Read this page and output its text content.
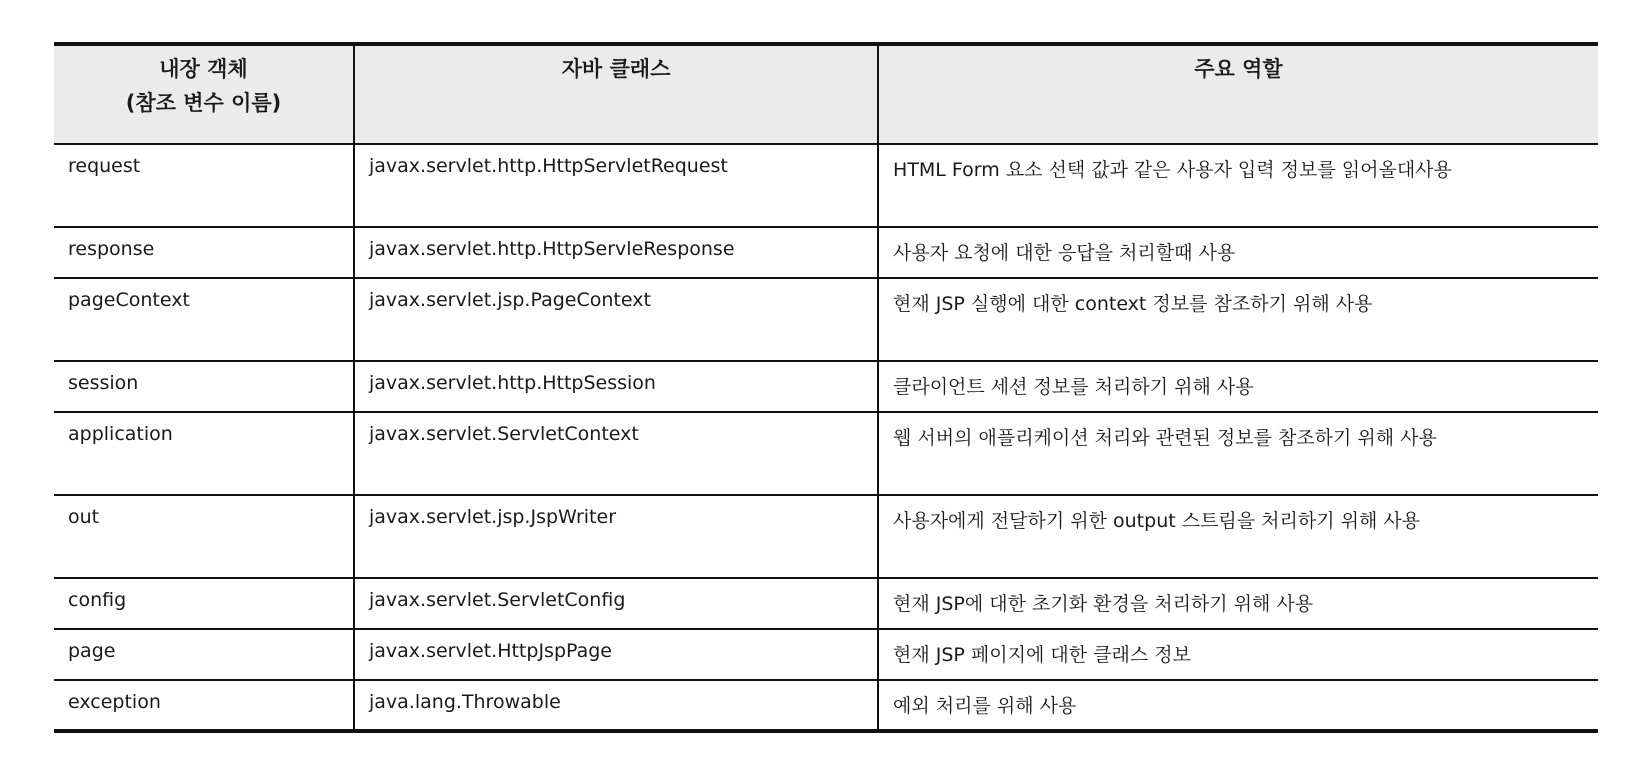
내장 객체
(참조 변수 이름)	자바 클래스	주요 역할
request	javax.servlet.http.HttpServletRequest	HTML Form 요소 선택 값과 같은 사용자 입력 정보를 읽어올대사용
response	javax.servlet.http.HttpServleResponse	사용자 요청에 대한 응답을 처리할때 사용
pageContext	javax.servlet.jsp.PageContext	현재 JSP 실행에 대한 context 정보를 참조하기 위해 사용
session	javax.servlet.http.HttpSession	클라이언트 세션 정보를 처리하기 위해 사용
application	javax.servlet.ServletContext	웹 서버의 애플리케이션 처리와 관련된 정보를 참조하기 위해 사용
out	javax.servlet.jsp.JspWriter	사용자에게 전달하기 위한 output 스트림을 처리하기 위해 사용
config	javax.servlet.ServletConfig	현재 JSP에 대한 초기화 환경을 처리하기 위해 사용
page	javax.servlet.HttpJspPage	현재 JSP 페이지에 대한 클래스 정보
exception	java.lang.Throwable	예외 처리를 위해 사용
